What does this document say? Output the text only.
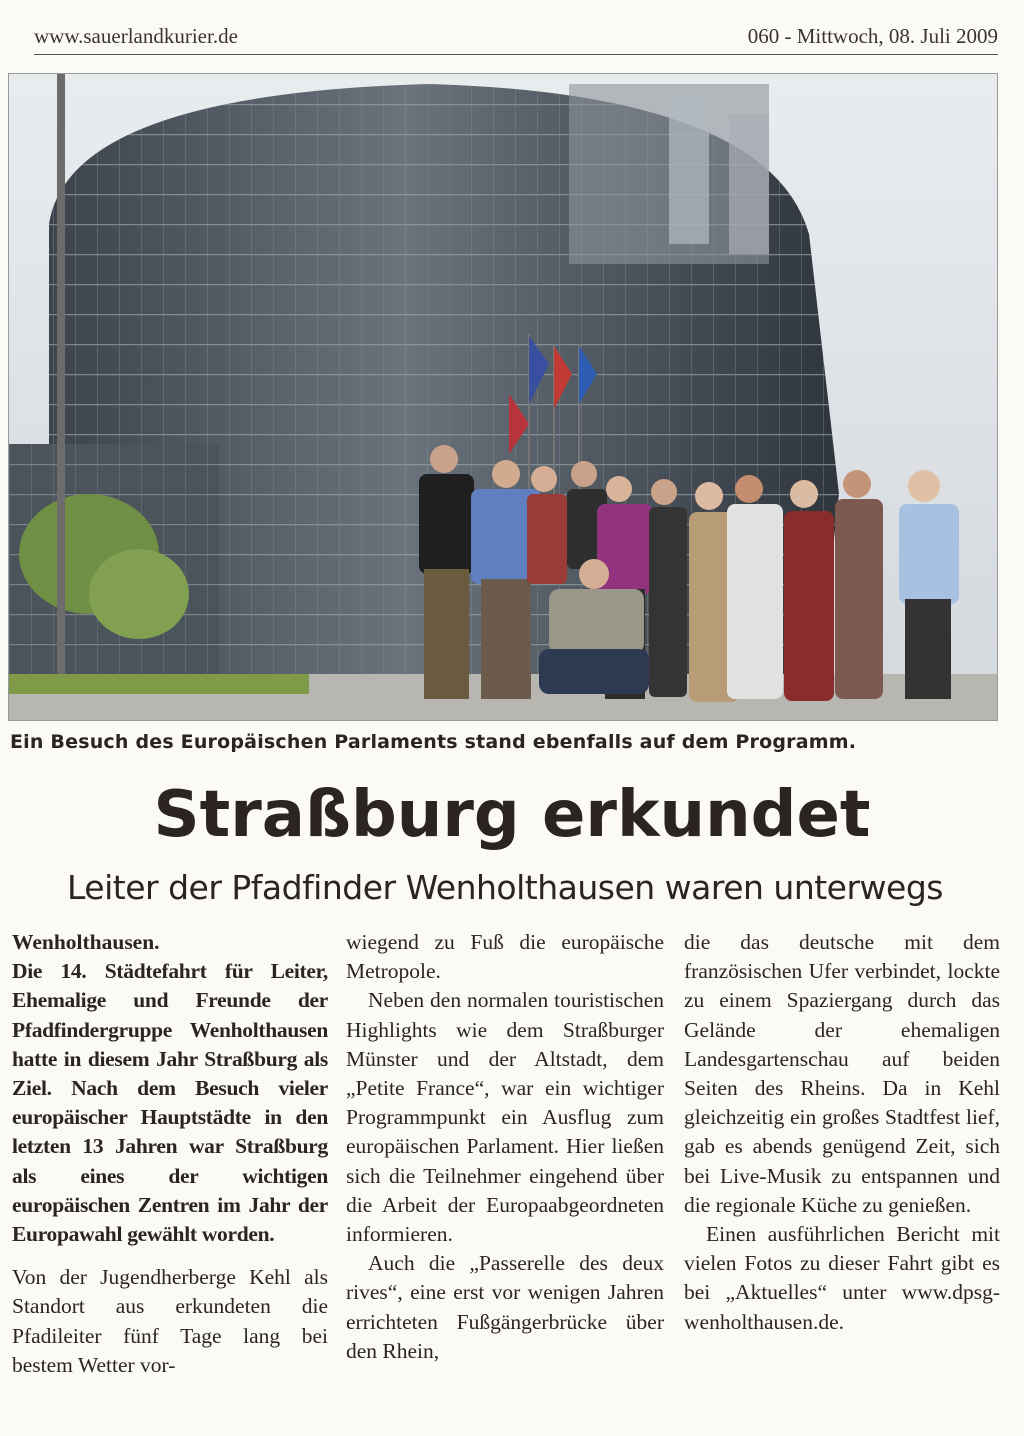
www.sauerlandkurier.de	060 - Mittwoch, 08. Juli 2009
Ein Besuch des Europäischen Parlaments stand ebenfalls auf dem Programm.
Straßburg erkundet
Leiter der Pfadfinder Wenholthausen waren unterwegs

Wenholthausen.

Die 14. Städtefahrt für Leiter, Ehemalige und Freunde der Pfadfindergruppe Wenholthausen hatte in diesem Jahr Straßburg als Ziel. Nach dem Besuch vieler europäischer Hauptstädte in den letzten 13 Jahren war Straßburg als eines der wichtigen europäischen Zentren im Jahr der Europawahl gewählt worden.

Von der Jugendherberge Kehl als Standort aus erkundeten die Pfadileiter fünf Tage lang bei bestem Wetter vor-

wiegend zu Fuß die europäische Metropole.

Neben den normalen touristischen Highlights wie dem Straßburger Münster und der Altstadt, dem „Petite France“, war ein wichtiger Programmpunkt ein Ausflug zum europäischen Parlament. Hier ließen sich die Teilnehmer eingehend über die Arbeit der Europaabgeordneten informieren.

Auch die „Passerelle des deux rives“, eine erst vor wenigen Jahren errichteten Fußgängerbrücke über den Rhein,

die das deutsche mit dem französischen Ufer verbindet, lockte zu einem Spaziergang durch das Gelände der ehemaligen Landesgartenschau auf beiden Seiten des Rheins. Da in Kehl gleichzeitig ein großes Stadtfest lief, gab es abends genügend Zeit, sich bei Live-Musik zu entspannen und die regionale Küche zu genießen.

Einen ausführlichen Bericht mit vielen Fotos zu dieser Fahrt gibt es bei „Aktuelles“ unter www.dpsg-wenholthausen.de.
